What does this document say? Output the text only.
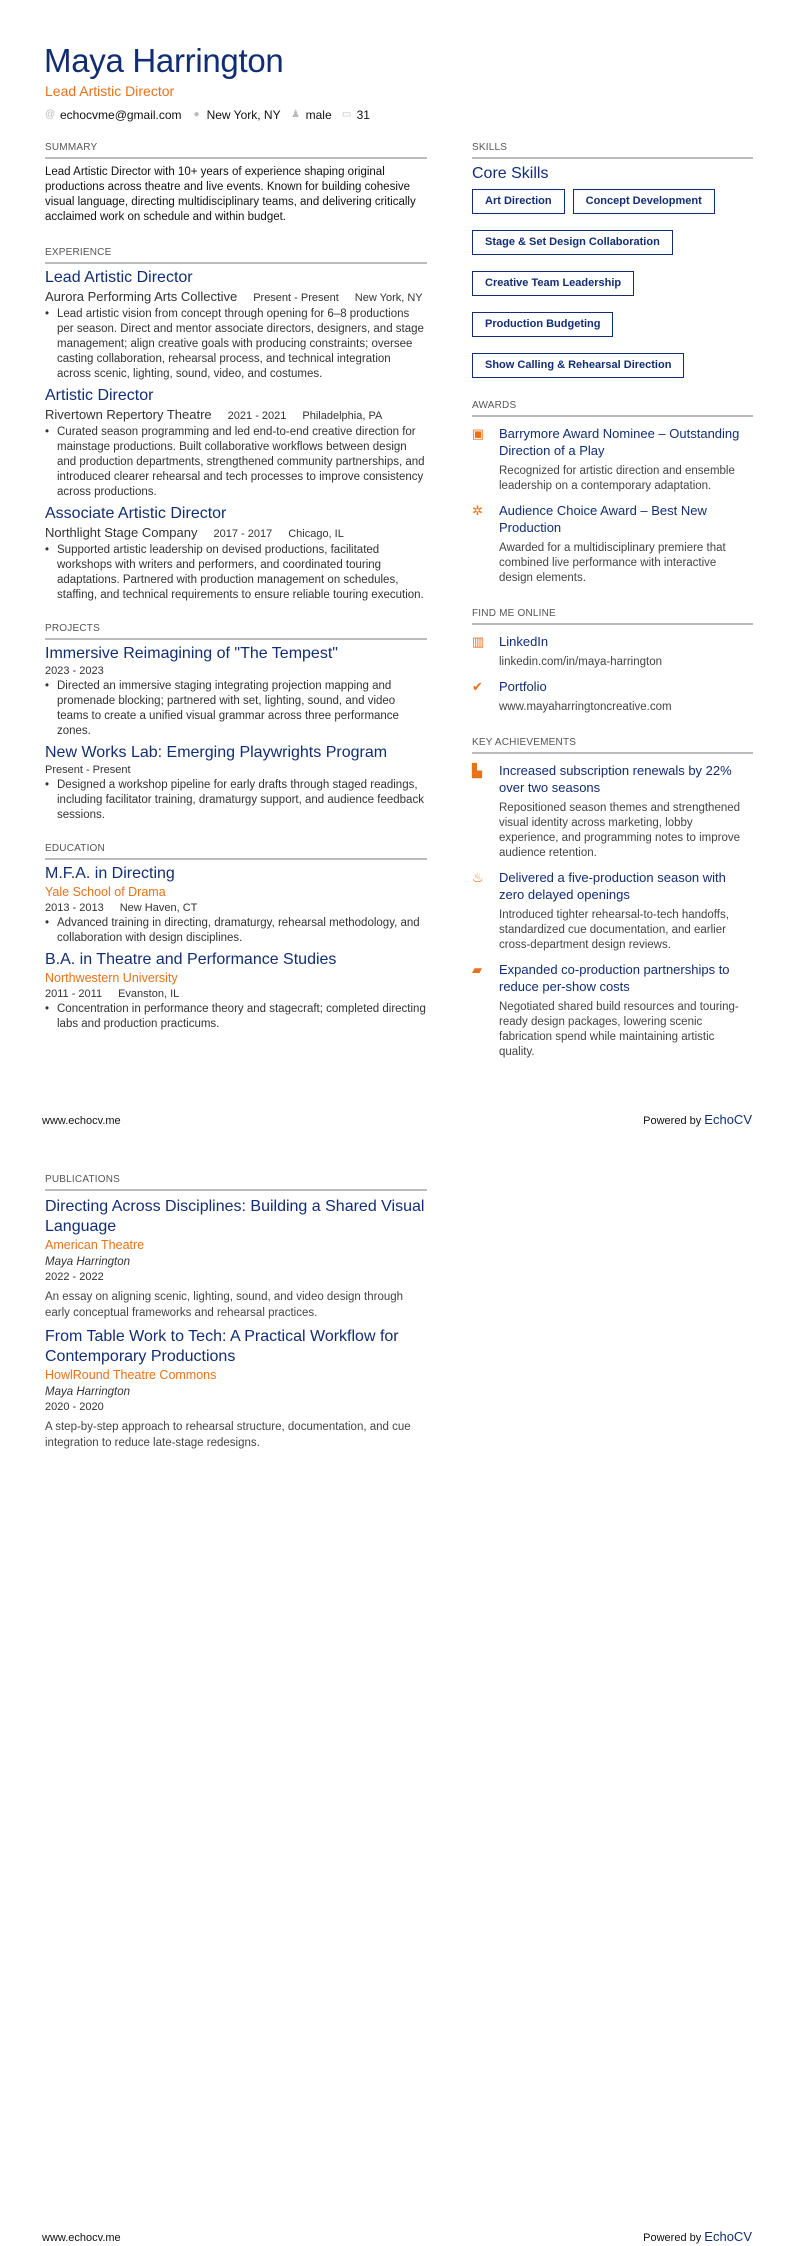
Maya Harrington
Lead Artistic Director
@ echocvme@gmail.com ● New York, NY ♟ male ▭ 31
SUMMARY
Lead Artistic Director with 10+ years of experience shaping original productions across theatre and live events. Known for building cohesive visual language, directing multidisciplinary teams, and delivering critically acclaimed work on schedule and within budget.
EXPERIENCE
Lead Artistic Director
Aurora Performing Arts Collective Present - Present New York, NY
• Lead artistic vision from concept through opening for 6–8 productions per season. Direct and mentor associate directors, designers, and stage management; align creative goals with producing constraints; oversee casting collaboration, rehearsal process, and technical integration across scenic, lighting, sound, video, and costumes.
Artistic Director
Rivertown Repertory Theatre 2021 - 2021 Philadelphia, PA
• Curated season programming and led end-to-end creative direction for mainstage productions. Built collaborative workflows between design and production departments, strengthened community partnerships, and introduced clearer rehearsal and tech processes to improve consistency across productions.
Associate Artistic Director
Northlight Stage Company 2017 - 2017 Chicago, IL
• Supported artistic leadership on devised productions, facilitated workshops with writers and performers, and coordinated touring adaptations. Partnered with production management on schedules, staffing, and technical requirements to ensure reliable touring execution.
PROJECTS
Immersive Reimagining of "The Tempest"
2023 - 2023
• Directed an immersive staging integrating projection mapping and promenade blocking; partnered with set, lighting, sound, and video teams to create a unified visual grammar across three performance zones.
New Works Lab: Emerging Playwrights Program
Present - Present
• Designed a workshop pipeline for early drafts through staged readings, including facilitator training, dramaturgy support, and audience feedback sessions.
EDUCATION
M.F.A. in Directing
Yale School of Drama
2013 - 2013 New Haven, CT
• Advanced training in directing, dramaturgy, rehearsal methodology, and collaboration with design disciplines.
B.A. in Theatre and Performance Studies
Northwestern University
2011 - 2011 Evanston, IL
• Concentration in performance theory and stagecraft; completed directing labs and production practicums.
SKILLS
Core Skills
Art Direction	Concept Development
Stage & Set Design Collaboration
Creative Team Leadership
Production Budgeting
Show Calling & Rehearsal Direction
AWARDS
▣	Barrymore Award Nominee – Outstanding Direction of a Play
Recognized for artistic direction and ensemble leadership on a contemporary adaptation.
✲	Audience Choice Award – Best New Production
Awarded for a multidisciplinary premiere that combined live performance with interactive design elements.
FIND ME ONLINE
▥	LinkedIn
linkedin.com/in/maya-harrington
✔	Portfolio
www.mayaharringtoncreative.com
KEY ACHIEVEMENTS
▙	Increased subscription renewals by 22% over two seasons
Repositioned season themes and strengthened visual identity across marketing, lobby experience, and programming notes to improve audience retention.
♨	Delivered a five-production season with zero delayed openings
Introduced tighter rehearsal-to-tech handoffs, standardized cue documentation, and earlier cross-department design reviews.
▰	Expanded co-production partnerships to reduce per-show costs
Negotiated shared build resources and touring-ready design packages, lowering scenic fabrication spend while maintaining artistic quality.
www.echocv.me	Powered by EchoCV
PUBLICATIONS
Directing Across Disciplines: Building a Shared Visual Language
American Theatre
Maya Harrington
2022 - 2022
An essay on aligning scenic, lighting, sound, and video design through early conceptual frameworks and rehearsal practices.
From Table Work to Tech: A Practical Workflow for Contemporary Productions
HowlRound Theatre Commons
Maya Harrington
2020 - 2020
A step-by-step approach to rehearsal structure, documentation, and cue integration to reduce late-stage redesigns.
www.echocv.me	Powered by EchoCV
